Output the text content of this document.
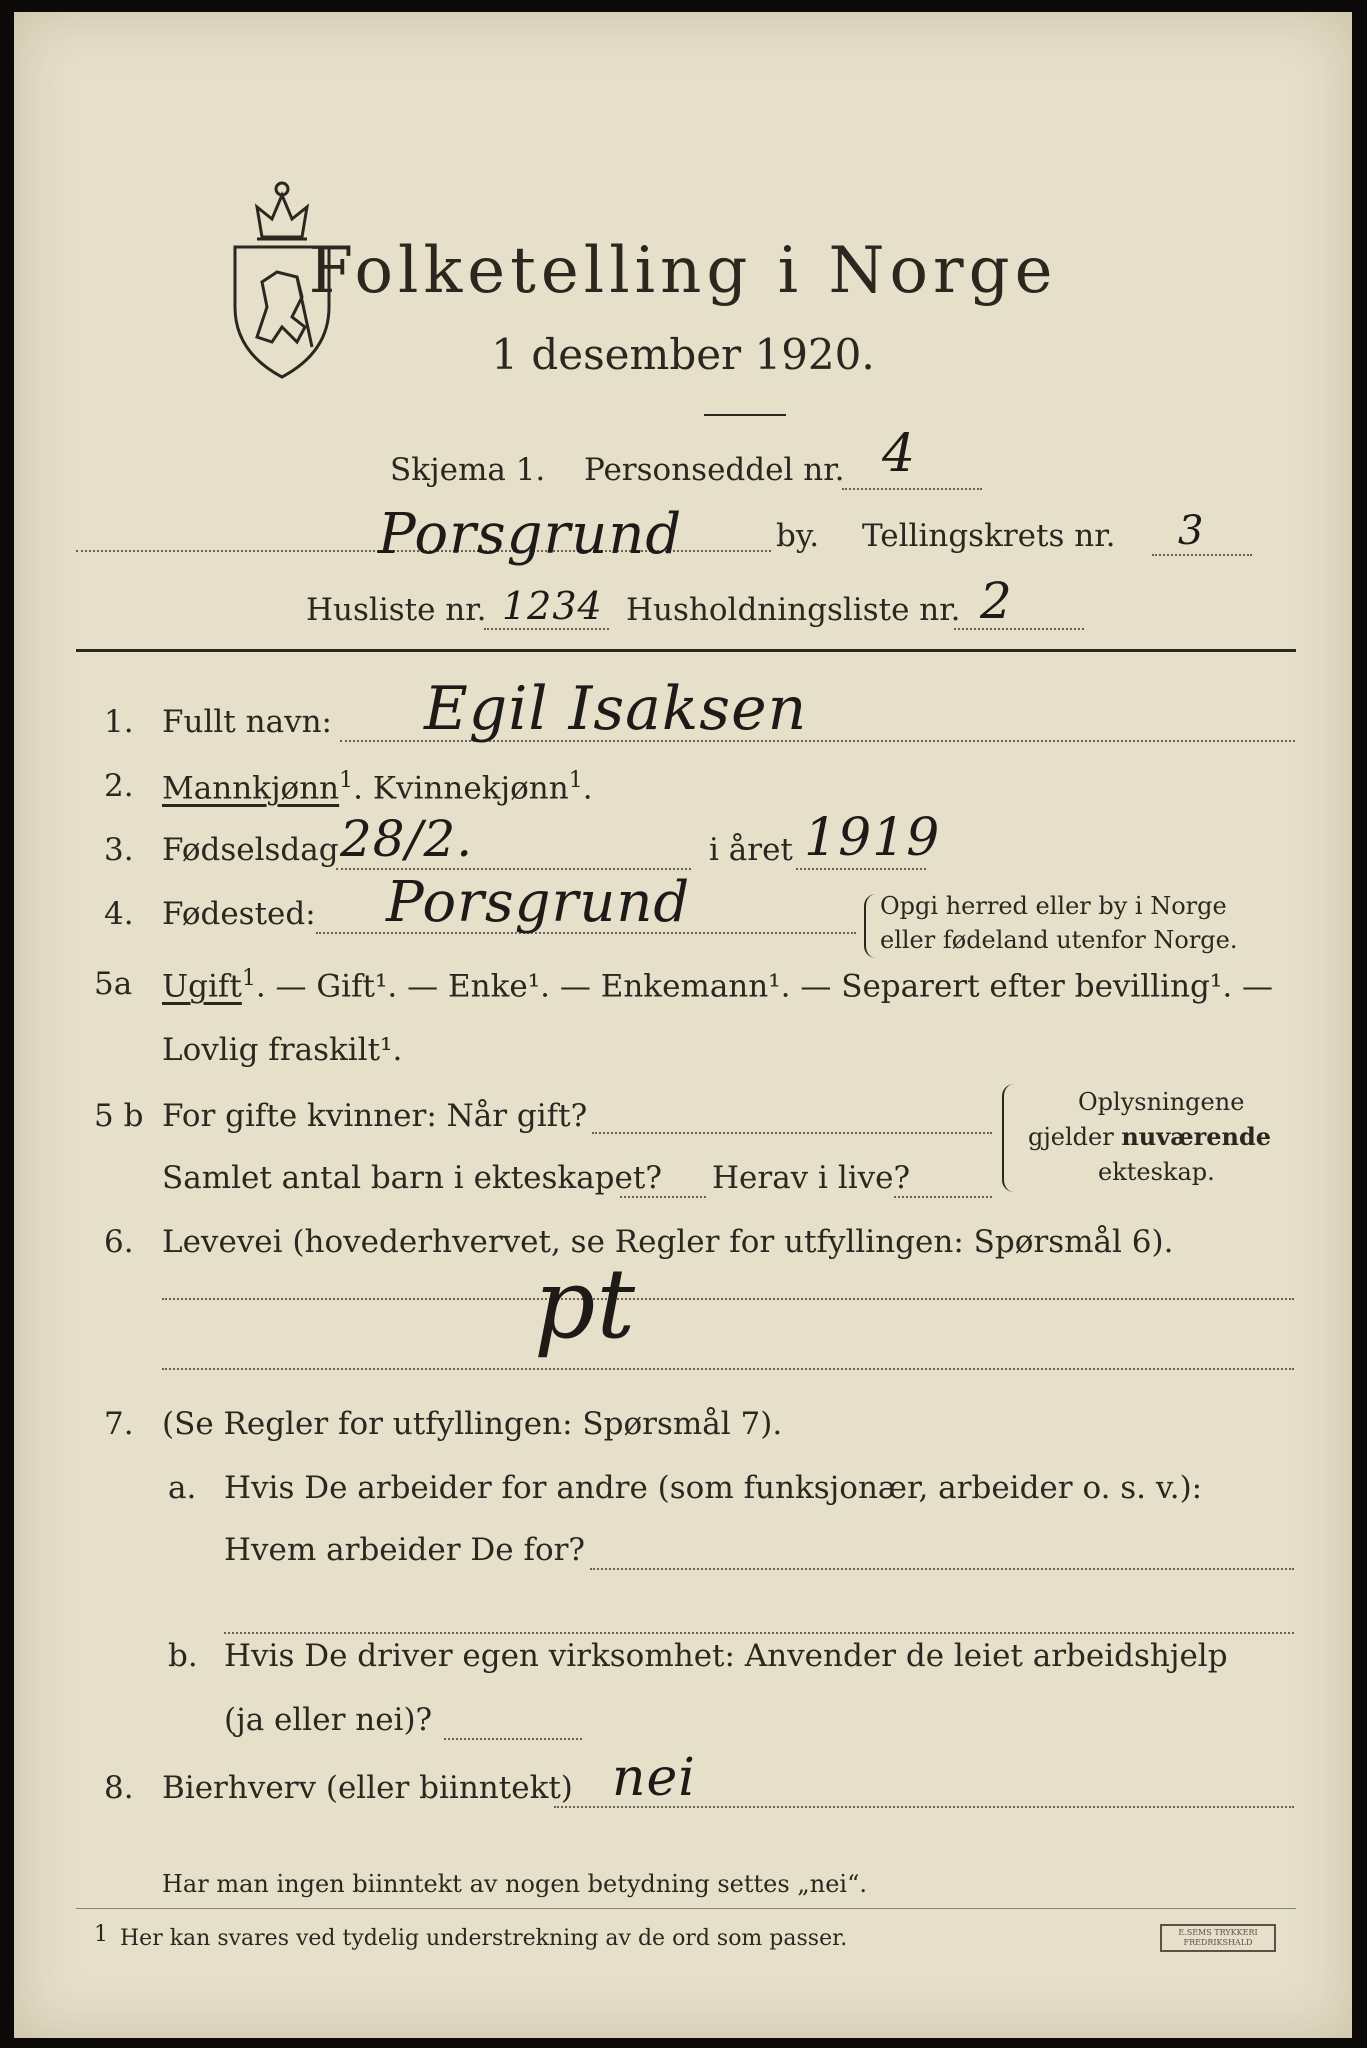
Folketelling i Norge
1 desember 1920.
Skjema 1. Personseddel nr. 4
Porsgrund	by. Tellingskrets nr. 3
Husliste nr. 1234 Husholdningsliste nr. 2
1. Fullt navn: Egil Isaksen
2. Mannkjønn$^1$. Kvinnekjønn$^1$.
3. Fødselsdag 28/2.	i året 1919
4. Fødested: Porsgrund	Opgi herred eller by i Norge
eller fødeland utenfor Norge.
5a Ugift$^1$. — Gift¹. — Enke¹. — Enkemann¹. — Separert efter bevilling¹. —
Lovlig fraskilt¹.
5 b For gifte kvinner: Når gift?
Samlet antal barn i ekteskapet? Herav i live?
Oplysningene
gjelder nuværende
ekteskap.
6. Levevei (hovederhvervet, se Regler for utfyllingen: Spørsmål 6).
pt
7. (Se Regler for utfyllingen: Spørsmål 7).
a. Hvis De arbeider for andre (som funksjonær, arbeider o. s. v.):
Hvem arbeider De for?
b. Hvis De driver egen virksomhet: Anvender de leiet arbeidshjelp
(ja eller nei)?
8. Bierhverv (eller biinntekt) nei
Har man ingen biinntekt av nogen betydning settes „nei“.
1 Her kan svares ved tydelig understrekning av de ord som passer.	E.SEMS TRYKKERI
FREDRIKSHALD
